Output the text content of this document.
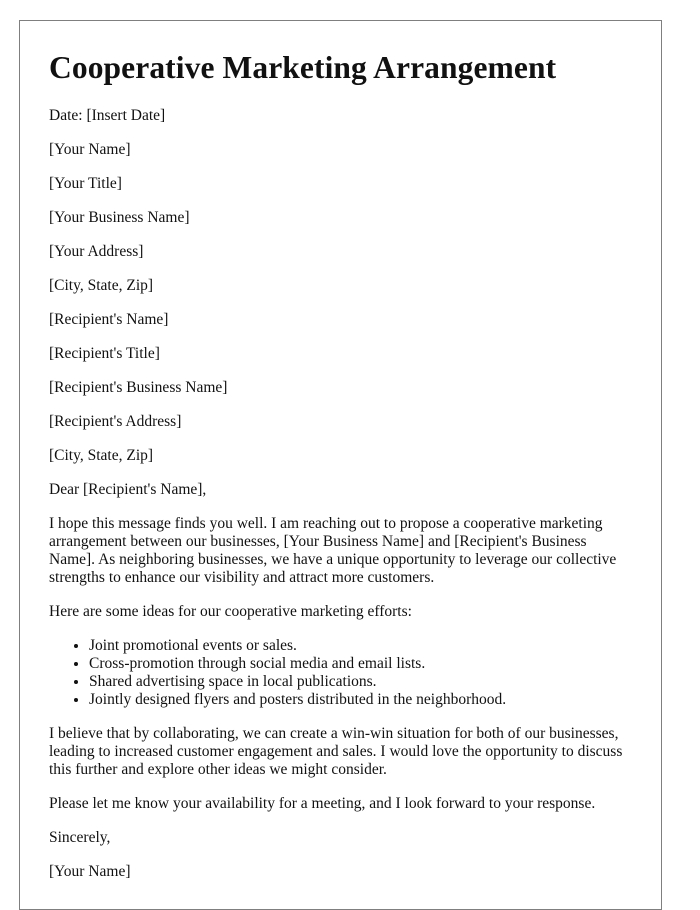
Cooperative Marketing Arrangement

Date: [Insert Date]

[Your Name]

[Your Title]

[Your Business Name]

[Your Address]

[City, State, Zip]

[Recipient's Name]

[Recipient's Title]

[Recipient's Business Name]

[Recipient's Address]

[City, State, Zip]

Dear [Recipient's Name],

I hope this message finds you well. I am reaching out to propose a cooperative marketing arrangement between our businesses, [Your Business Name] and [Recipient's Business Name]. As neighboring businesses, we have a unique opportunity to leverage our collective strengths to enhance our visibility and attract more customers.

Here are some ideas for our cooperative marketing efforts:

• Joint promotional events or sales.
• Cross-promotion through social media and email lists.
• Shared advertising space in local publications.
• Jointly designed flyers and posters distributed in the neighborhood.

I believe that by collaborating, we can create a win-win situation for both of our businesses, leading to increased customer engagement and sales. I would love the opportunity to discuss this further and explore other ideas we might consider.

Please let me know your availability for a meeting, and I look forward to your response.

Sincerely,

[Your Name]
